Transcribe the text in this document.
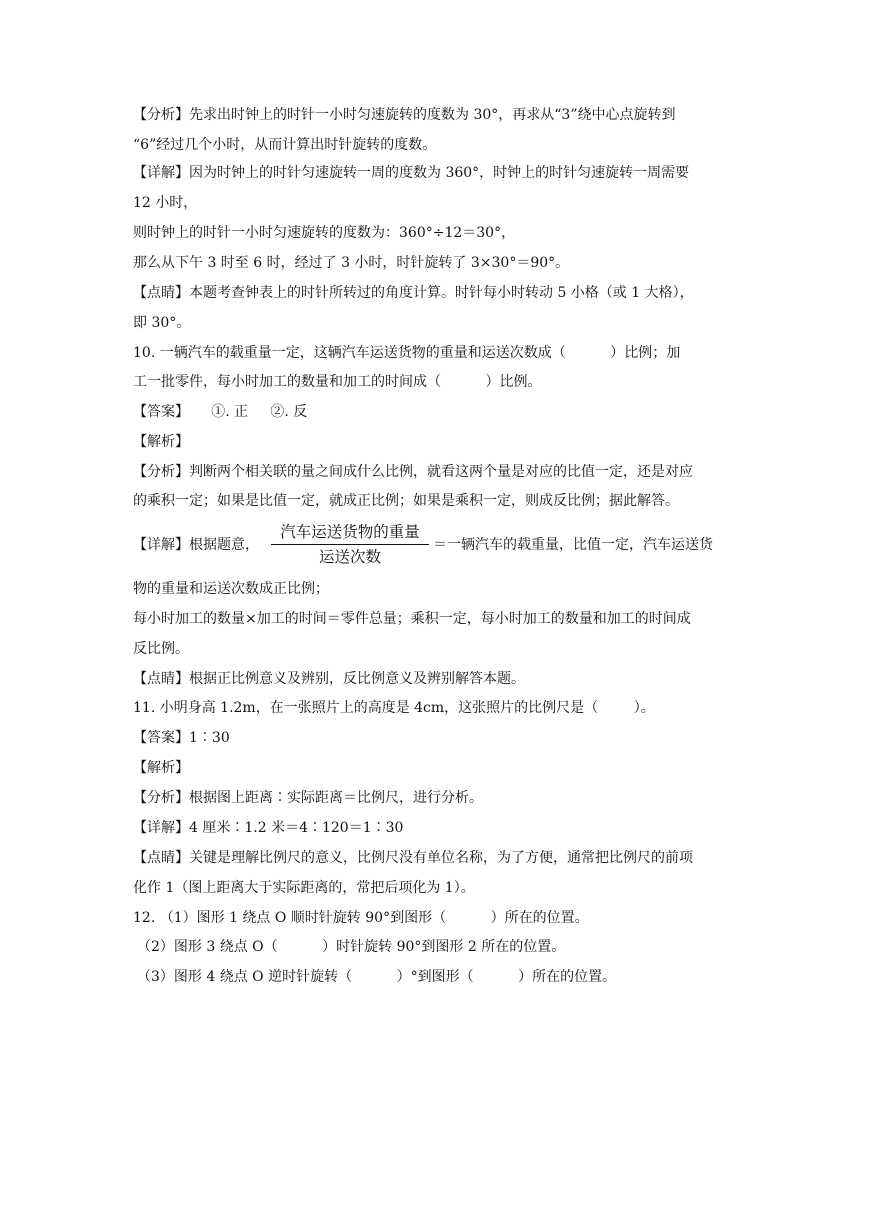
【分析】先求出时钟上的时针一小时匀速旋转的度数为 30°，再求从“3”绕中心点旋转到
“6”经过几个小时，从而计算出时针旋转的度数。
【详解】因为时钟上的时针匀速旋转一周的度数为 360°，时钟上的时针匀速旋转一周需要
12 小时，
则时钟上的时针一小时匀速旋转的度数为：360°÷12＝30°，
那么从下午 3 时至 6 时，经过了 3 小时，时针旋转了 3×30°＝90°。
【点睛】本题考查钟表上的时针所转过的角度计算。时针每小时转动 5 小格（或 1 大格），
即 30°。
10. 一辆汽车的载重量一定，这辆汽车运送货物的重量和运送次数成（          ）比例；加
工一批零件，每小时加工的数量和加工的时间成（          ）比例。
【答案】     ①. 正     ②. 反
【解析】
【分析】判断两个相关联的量之间成什么比例，就看这两个量是对应的比值一定，还是对应
的乘积一定；如果是比值一定，就成正比例；如果是乘积一定，则成反比例；据此解答。
【详解】根据题意，
汽车运送货物的重量
运送次数
＝一辆汽车的载重量，比值一定，汽车运送货
物的重量和运送次数成正比例；
每小时加工的数量×加工的时间＝零件总量；乘积一定，每小时加工的数量和加工的时间成
反比例。
【点睛】根据正比例意义及辨别，反比例意义及辨别解答本题。
11. 小明身高 1.2m，在一张照片上的高度是 4cm，这张照片的比例尺是（        ）。
【答案】1∶30
【解析】
【分析】根据图上距离∶实际距离＝比例尺，进行分析。
【详解】4 厘米∶1.2 米＝4∶120＝1∶30
【点睛】关键是理解比例尺的意义，比例尺没有单位名称，为了方便，通常把比例尺的前项
化作 1（图上距离大于实际距离的，常把后项化为 1）。
12. （1）图形 1 绕点 O 顺时针旋转 90°到图形（          ）所在的位置。
（2）图形 3 绕点 O（          ）时针旋转 90°到图形 2 所在的位置。
（3）图形 4 绕点 O 逆时针旋转（          ）°到图形（          ）所在的位置。
